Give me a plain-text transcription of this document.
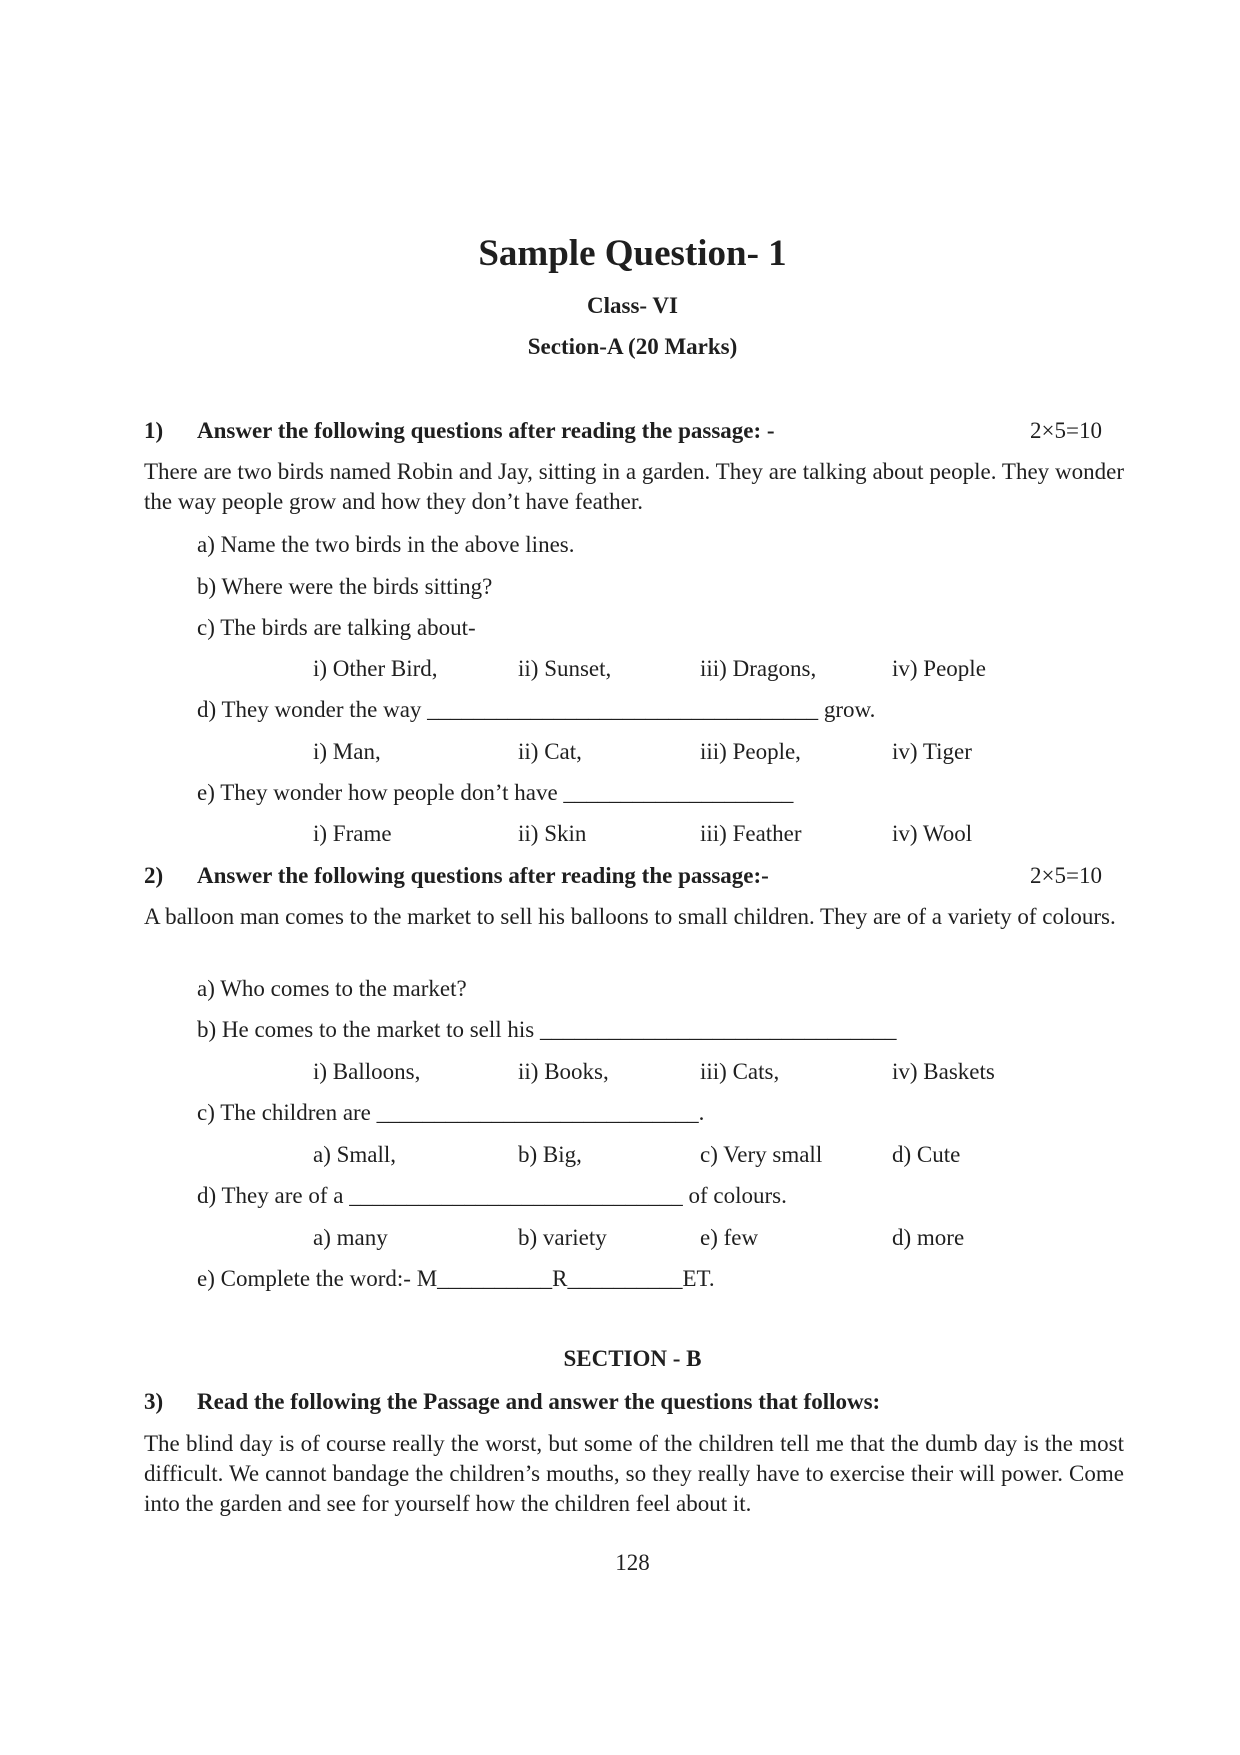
Sample Question- 1
Class- VI
Section-A (20 Marks)
1) Answer the following questions after reading the passage: -	2×5=10
There are two birds named Robin and Jay, sitting in a garden. They are talking about people. They wonder the way people grow and how they don’t have feather.
a) Name the two birds in the above lines.
b) Where were the birds sitting?
c) The birds are talking about-
i) Other Bird,	ii) Sunset,	iii) Dragons,	iv) People
d) They wonder the way __________________________________ grow.
i) Man,	ii) Cat,	iii) People,	iv) Tiger
e) They wonder how people don’t have ____________________
i) Frame	ii) Skin	iii) Feather	iv) Wool
2) Answer the following questions after reading the passage:-	2×5=10
A balloon man comes to the market to sell his balloons to small children. They are of a variety of colours.
a) Who comes to the market?
b) He comes to the market to sell his _______________________________
i) Balloons,	ii) Books,	iii) Cats,	iv) Baskets
c) The children are ____________________________.
a) Small,	b) Big,	c) Very small	d) Cute
d) They are of a _____________________________ of colours.
a) many	b) variety	e) few	d) more
e) Complete the word:- M__________R__________ET.
SECTION - B
3) Read the following the Passage and answer the questions that follows:
The blind day is of course really the worst, but some of the children tell me that the dumb day is the most difficult. We cannot bandage the children’s mouths, so they really have to exercise their will power. Come into the garden and see for yourself how the children feel about it.
128
